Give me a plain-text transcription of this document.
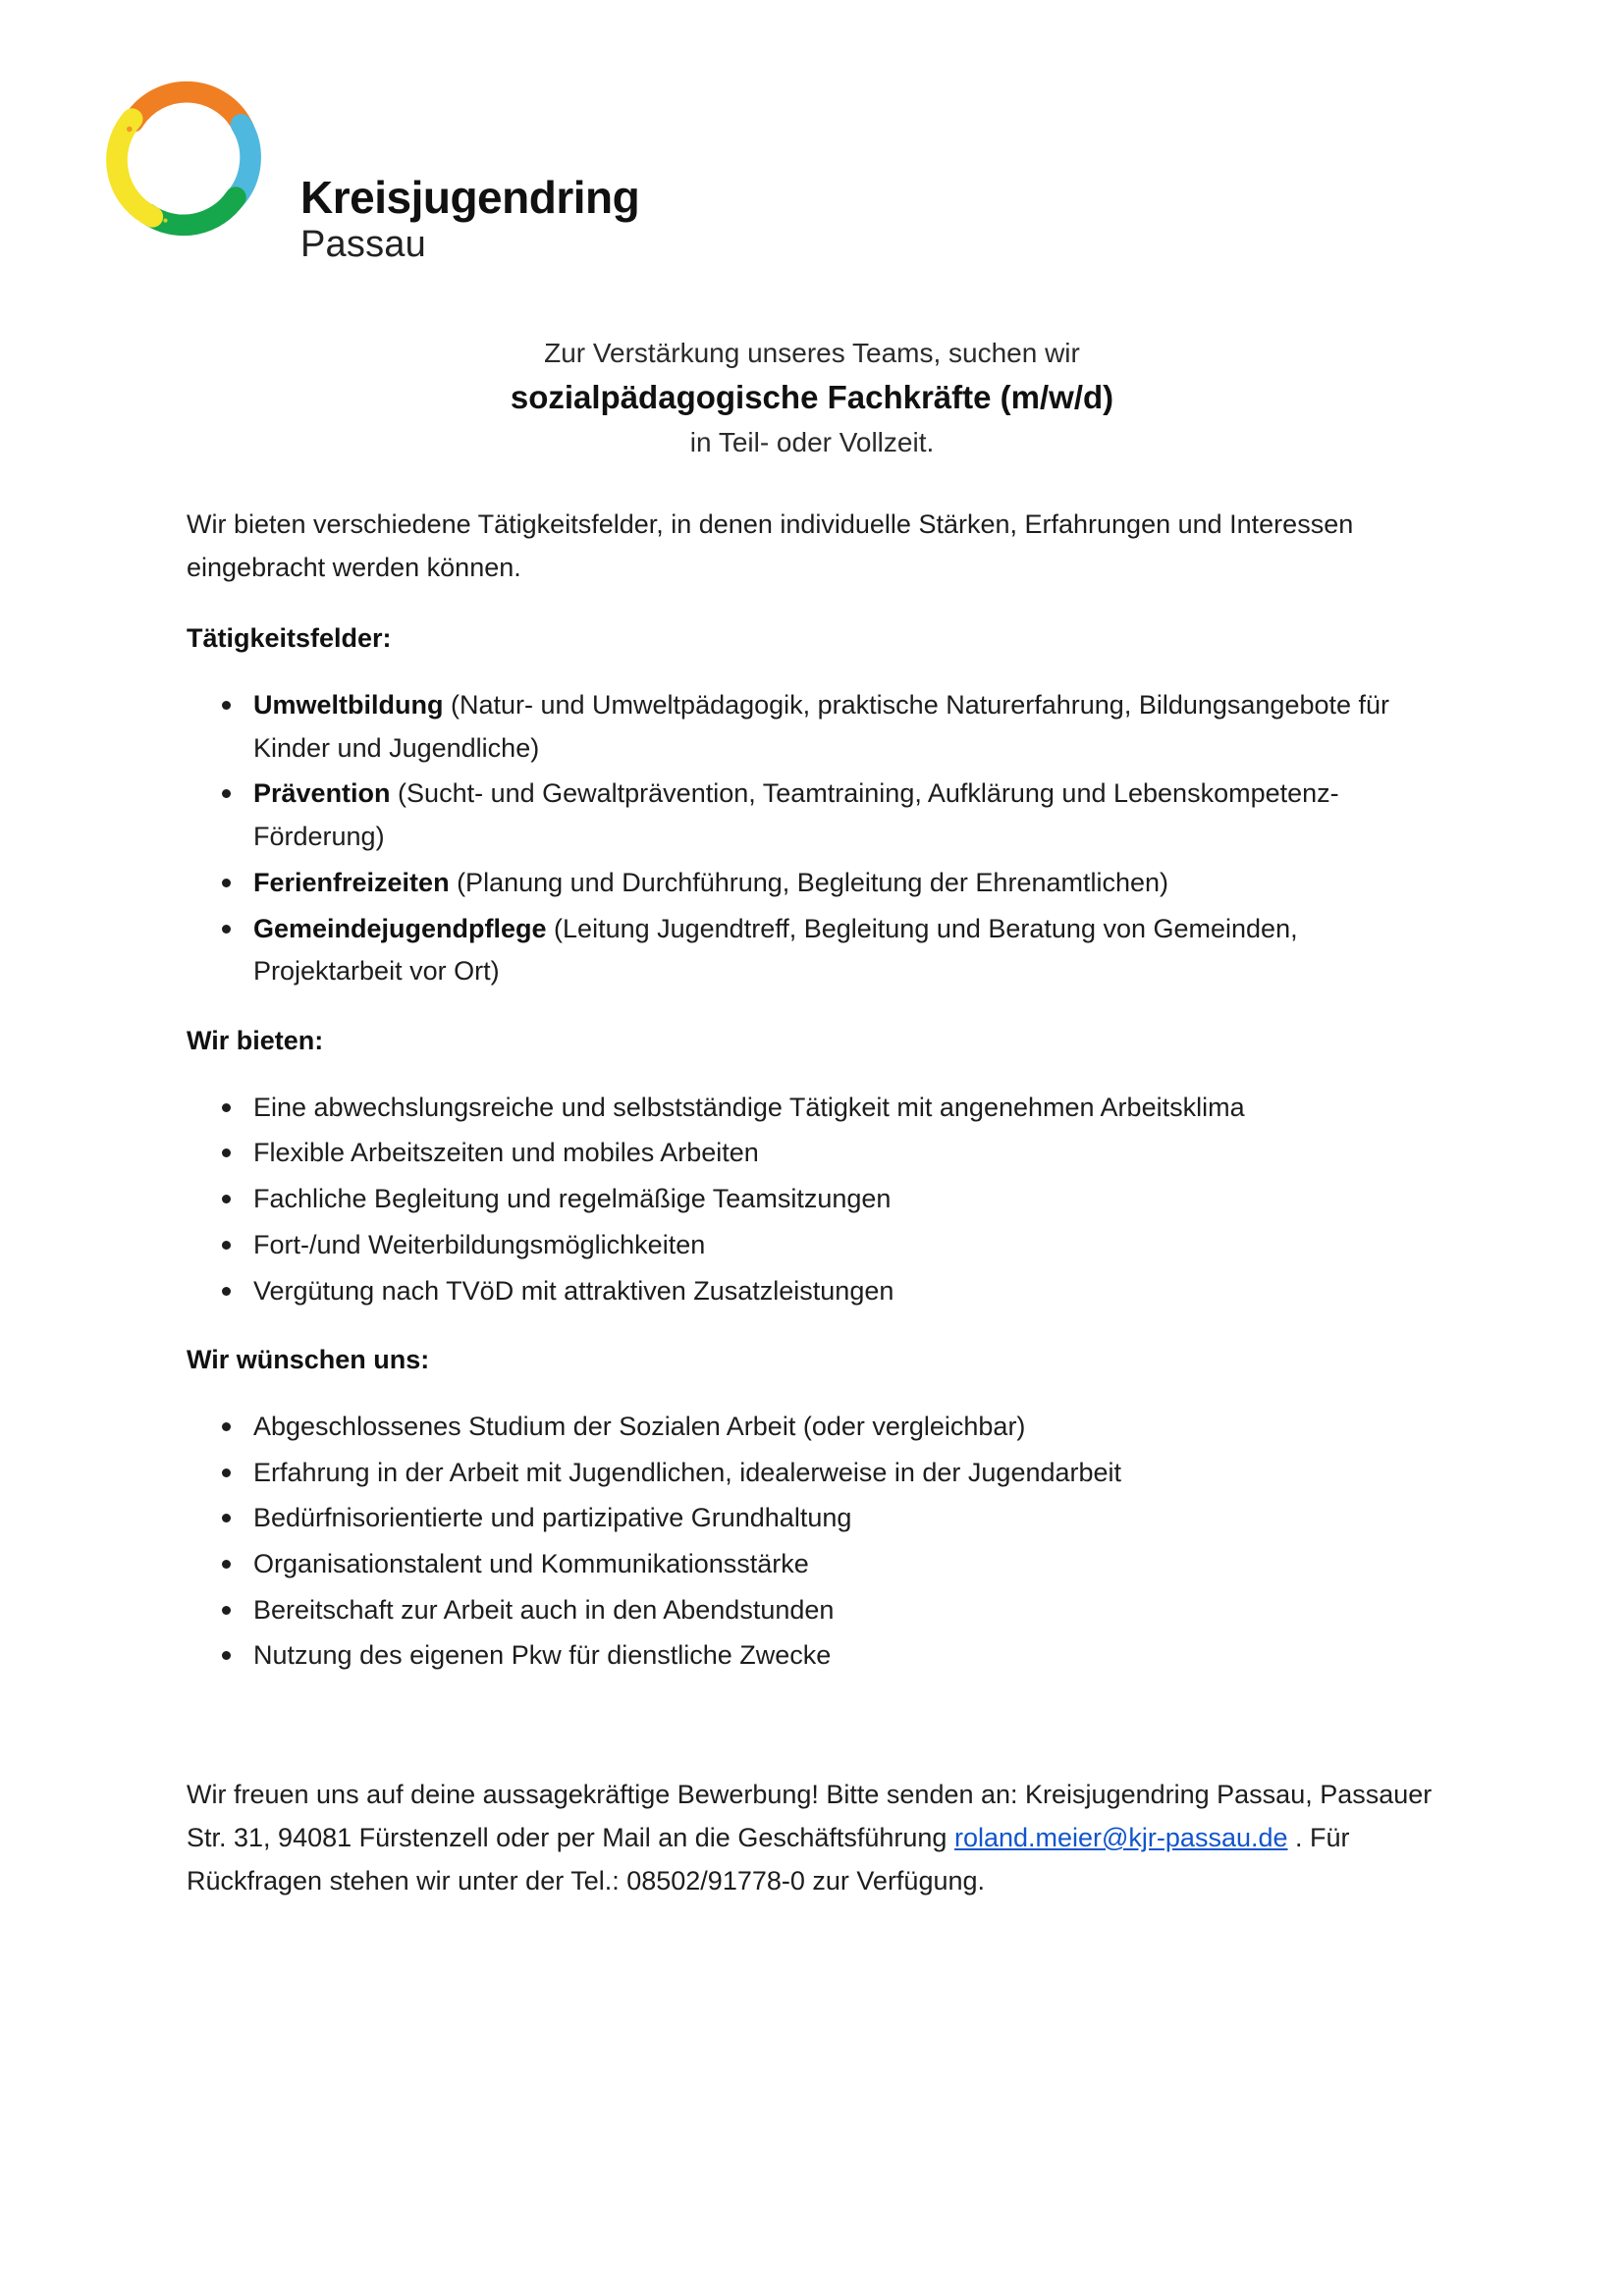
Kreisjugendring
Passau
Zur Verstärkung unseres Teams, suchen wir
sozialpädagogische Fachkräfte (m/w/d)
in Teil- oder Vollzeit.

Wir bieten verschiedene Tätigkeitsfelder, in denen individuelle Stärken, Erfahrungen und Interessen eingebracht werden können.

Tätigkeitsfelder:
Umweltbildung (Natur- und Umweltpädagogik, praktische Naturerfahrung, Bildungsangebote für Kinder und Jugendliche)
Prävention (Sucht- und Gewaltprävention, Teamtraining, Aufklärung und Lebenskompetenz-Förderung)
Ferienfreizeiten (Planung und Durchführung, Begleitung der Ehrenamtlichen)
Gemeindejugendpflege (Leitung Jugendtreff, Begleitung und Beratung von Gemeinden, Projektarbeit vor Ort)
Wir bieten:
Eine abwechslungsreiche und selbstständige Tätigkeit mit angenehmen Arbeitsklima
Flexible Arbeitszeiten und mobiles Arbeiten
Fachliche Begleitung und regelmäßige Teamsitzungen
Fort-/und Weiterbildungsmöglichkeiten
Vergütung nach TVöD mit attraktiven Zusatzleistungen
Wir wünschen uns:
Abgeschlossenes Studium der Sozialen Arbeit (oder vergleichbar)
Erfahrung in der Arbeit mit Jugendlichen, idealerweise in der Jugendarbeit
Bedürfnisorientierte und partizipative Grundhaltung
Organisationstalent und Kommunikationsstärke
Bereitschaft zur Arbeit auch in den Abendstunden
Nutzung des eigenen Pkw für dienstliche Zwecke

Wir freuen uns auf deine aussagekräftige Bewerbung! Bitte senden an: Kreisjugendring Passau, Passauer Str. 31, 94081 Fürstenzell oder per Mail an die Geschäftsführung roland.meier@kjr-passau.de . Für Rückfragen stehen wir unter der Tel.: 08502/91778-0 zur Verfügung.
